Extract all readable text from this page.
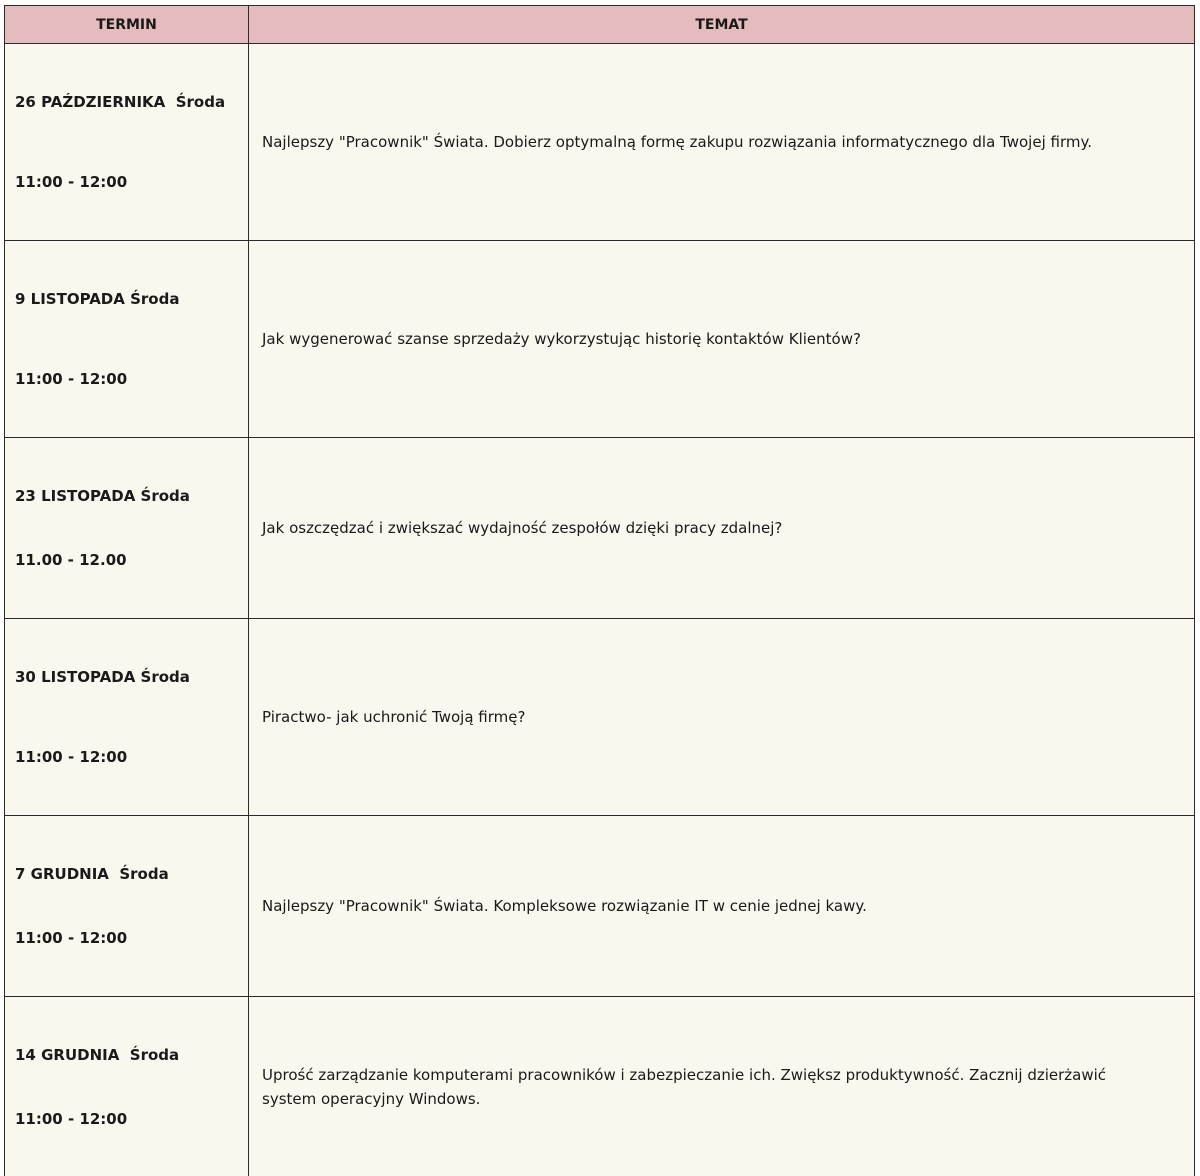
TERMIN	TEMAT

26 PAŹDZIERNIKA  Środa

11:00 - 12:00	Najlepszy "Pracownik" Świata. Dobierz optymalną formę zakupu rozwiązania informatycznego dla Twojej firmy.

9 LISTOPADA Środa

11:00 - 12:00	Jak wygenerować szanse sprzedaży wykorzystując historię kontaktów Klientów?

23 LISTOPADA Środa

11.00 - 12.00	Jak oszczędzać i zwiększać wydajność zespołów dzięki pracy zdalnej?

30 LISTOPADA Środa

11:00 - 12:00	Piractwo- jak uchronić Twoją firmę?

7 GRUDNIA  Środa

11:00 - 12:00	Najlepszy "Pracownik" Świata. Kompleksowe rozwiązanie IT w cenie jednej kawy.

14 GRUDNIA  Środa

11:00 - 12:00	Uprość zarządzanie komputerami pracowników i zabezpieczanie ich. Zwiększ produktywność. Zacznij dzierżawić system operacyjny Windows.
